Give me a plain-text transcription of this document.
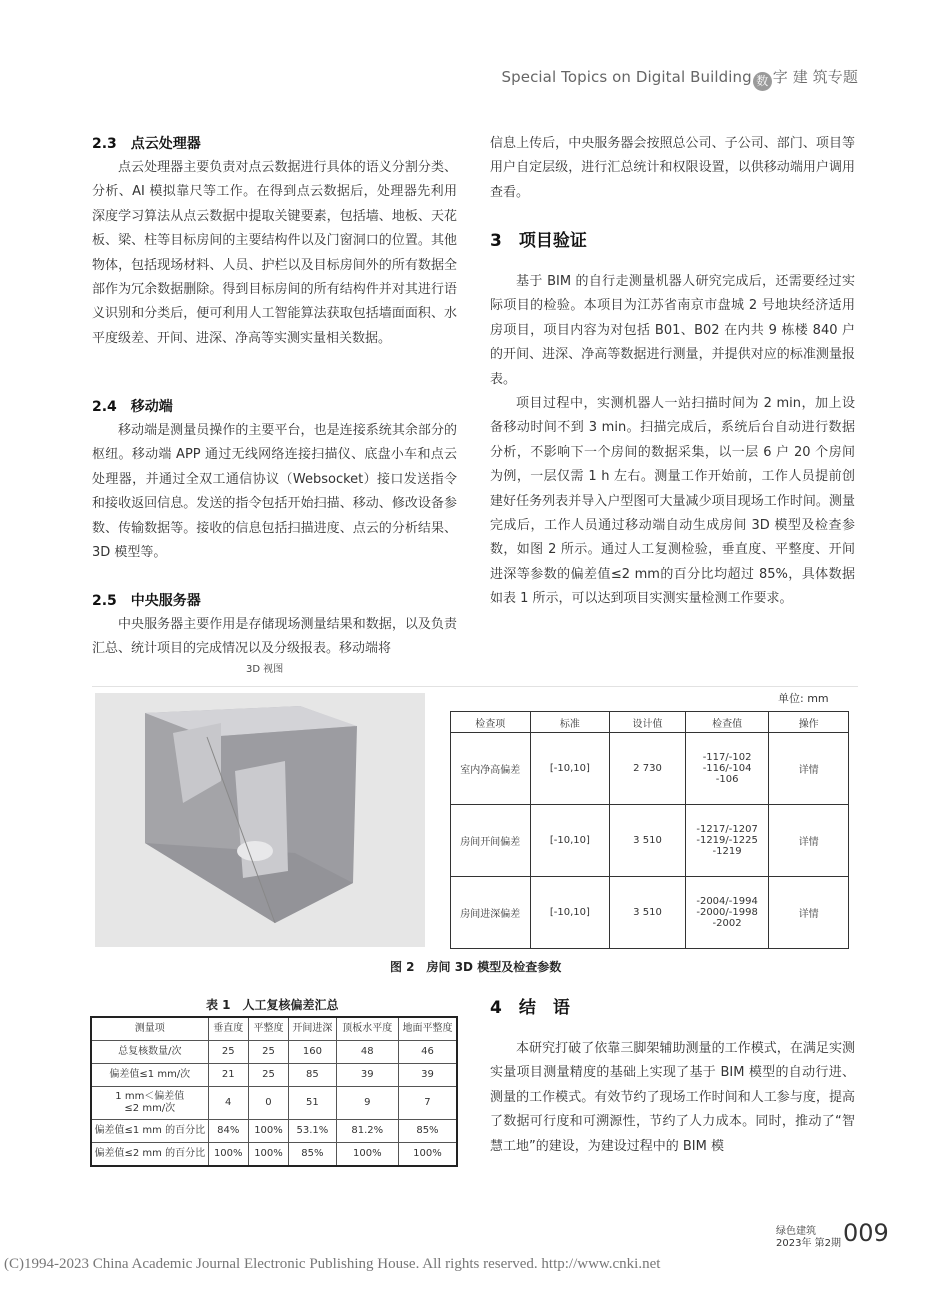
Special Topics on Digital Building 数 字 建 筑专题
2.3　点云处理器

点云处理器主要负责对点云数据进行具体的语义分割分类、分析、AI 模拟靠尺等工作。在得到点云数据后，处理器先利用深度学习算法从点云数据中提取关键要素，包括墙、地板、天花板、梁、柱等目标房间的主要结构件以及门窗洞口的位置。其他物体，包括现场材料、人员、护栏以及目标房间外的所有数据全部作为冗余数据删除。得到目标房间的所有结构件并对其进行语义识别和分类后，便可利用人工智能算法获取包括墙面面积、水平度级差、开间、进深、净高等实测实量相关数据。

2.4　移动端

移动端是测量员操作的主要平台，也是连接系统其余部分的枢纽。移动端 APP 通过无线网络连接扫描仪、底盘小车和点云处理器，并通过全双工通信协议（Websocket）接口发送指令和接收返回信息。发送的指令包括开始扫描、移动、修改设备参数、传输数据等。接收的信息包括扫描进度、点云的分析结果、3D 模型等。

2.5　中央服务器

中央服务器主要作用是存储现场测量结果和数据，以及负责汇总、统计项目的完成情况以及分级报表。移动端将

信息上传后，中央服务器会按照总公司、子公司、部门、项目等用户自定层级，进行汇总统计和权限设置，以供移动端用户调用查看。

3　项目验证

基于 BIM 的自行走测量机器人研究完成后，还需要经过实际项目的检验。本项目为江苏省南京市盘城 2 号地块经济适用房项目，项目内容为对包括 B01、B02 在内共 9 栋楼 840 户的开间、进深、净高等数据进行测量，并提供对应的标准测量报表。

项目过程中，实测机器人一站扫描时间为 2 min，加上设备移动时间不到 3 min。扫描完成后，系统后台自动进行数据分析，不影响下一个房间的数据采集，以一层 6 户 20 个房间为例，一层仅需 1 h 左右。测量工作开始前，工作人员提前创建好任务列表并导入户型图可大量减少项目现场工作时间。测量完成后，工作人员通过移动端自动生成房间 3D 模型及检查参数，如图 2 所示。通过人工复测检验，垂直度、平整度、开间进深等参数的偏差值≤2 mm的百分比均超过 85%，具体数据如表 1 所示，可以达到项目实测实量检测工作要求。

4　结　语

本研究打破了依靠三脚架辅助测量的工作模式，在满足实测实量项目测量精度的基础上实现了基于 BIM 模型的自动行进、测量的工作模式。有效节约了现场工作时间和人工参与度，提高了数据可行度和可溯源性，节约了人力成本。同时，推动了“智慧工地”的建设，为建设过程中的 BIM 模

3D 视图
单位: mm
检查项	标准	设计值	检查值	操作
室内净高偏差	[-10,10]	2 730	-117/-102
-116/-104
-106	详情
房间开间偏差	[-10,10]	3 510	-1217/-1207
-1219/-1225
-1219	详情
房间进深偏差	[-10,10]	3 510	-2004/-1994
-2000/-1998
-2002	详情
图 2　房间 3D 模型及检查参数
表 1　人工复核偏差汇总
测量项	垂直度	平整度	开间进深	顶板水平度	地面平整度
总复核数量/次	25	25	160	48	46
偏差值≤1 mm/次	21	25	85	39	39

1 mm＜偏差值
≤2 mm/次	4	0	51	9	7
偏差值≤1 mm 的百分比	84%	100%	53.1%	81.2%	85%
偏差值≤2 mm 的百分比	100%	100%	85%	100%	100%
绿色建筑
2023年 第2期 009
(C)1994-2023 China Academic Journal Electronic Publishing House. All rights reserved. http://www.cnki.net
